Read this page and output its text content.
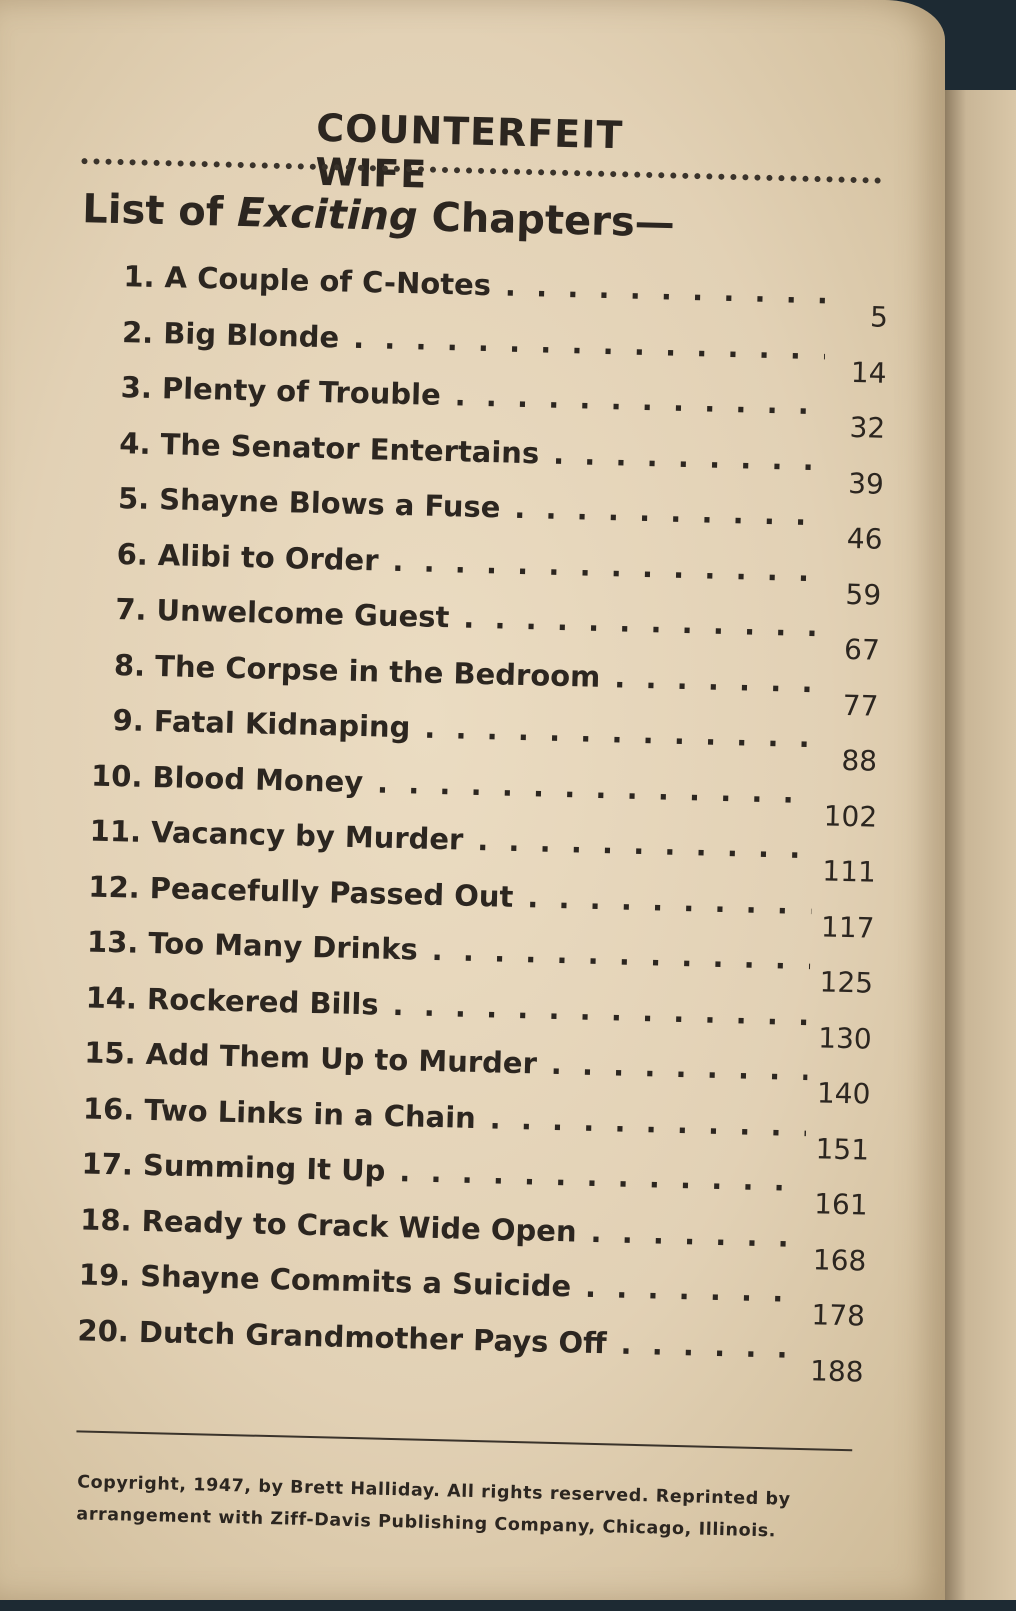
COUNTERFEIT WIFE
List of Exciting Chapters—
1. A Couple of C-Notes
. .
5
2. Big Blonde
. .
14
3. Plenty of Trouble
. .
32
4. The Senator Entertains
. .
39
5. Shayne Blows a Fuse
. .
46
6. Alibi to Order
. .
59
7. Unwelcome Guest
. .
67
8. The Corpse in the Bedroom
. .
77
9. Fatal Kidnaping
. .
88
10. Blood Money
. .
102
11. Vacancy by Murder
. .
111
12. Peacefully Passed Out
. .
117
13. Too Many Drinks
. .
125
14. Rockered Bills
. .
130
15. Add Them Up to Murder
. .
140
16. Two Links in a Chain
. .
151
17. Summing It Up
. .
161
18. Ready to Crack Wide Open
. .
168
19. Shayne Commits a Suicide
. .
178
20. Dutch Grandmother Pays Off
. .
188

Copyright, 1947, by Brett Halliday. All rights reserved. Reprinted by arrangement with Ziff-Davis Publishing Company, Chicago, Illinois.
